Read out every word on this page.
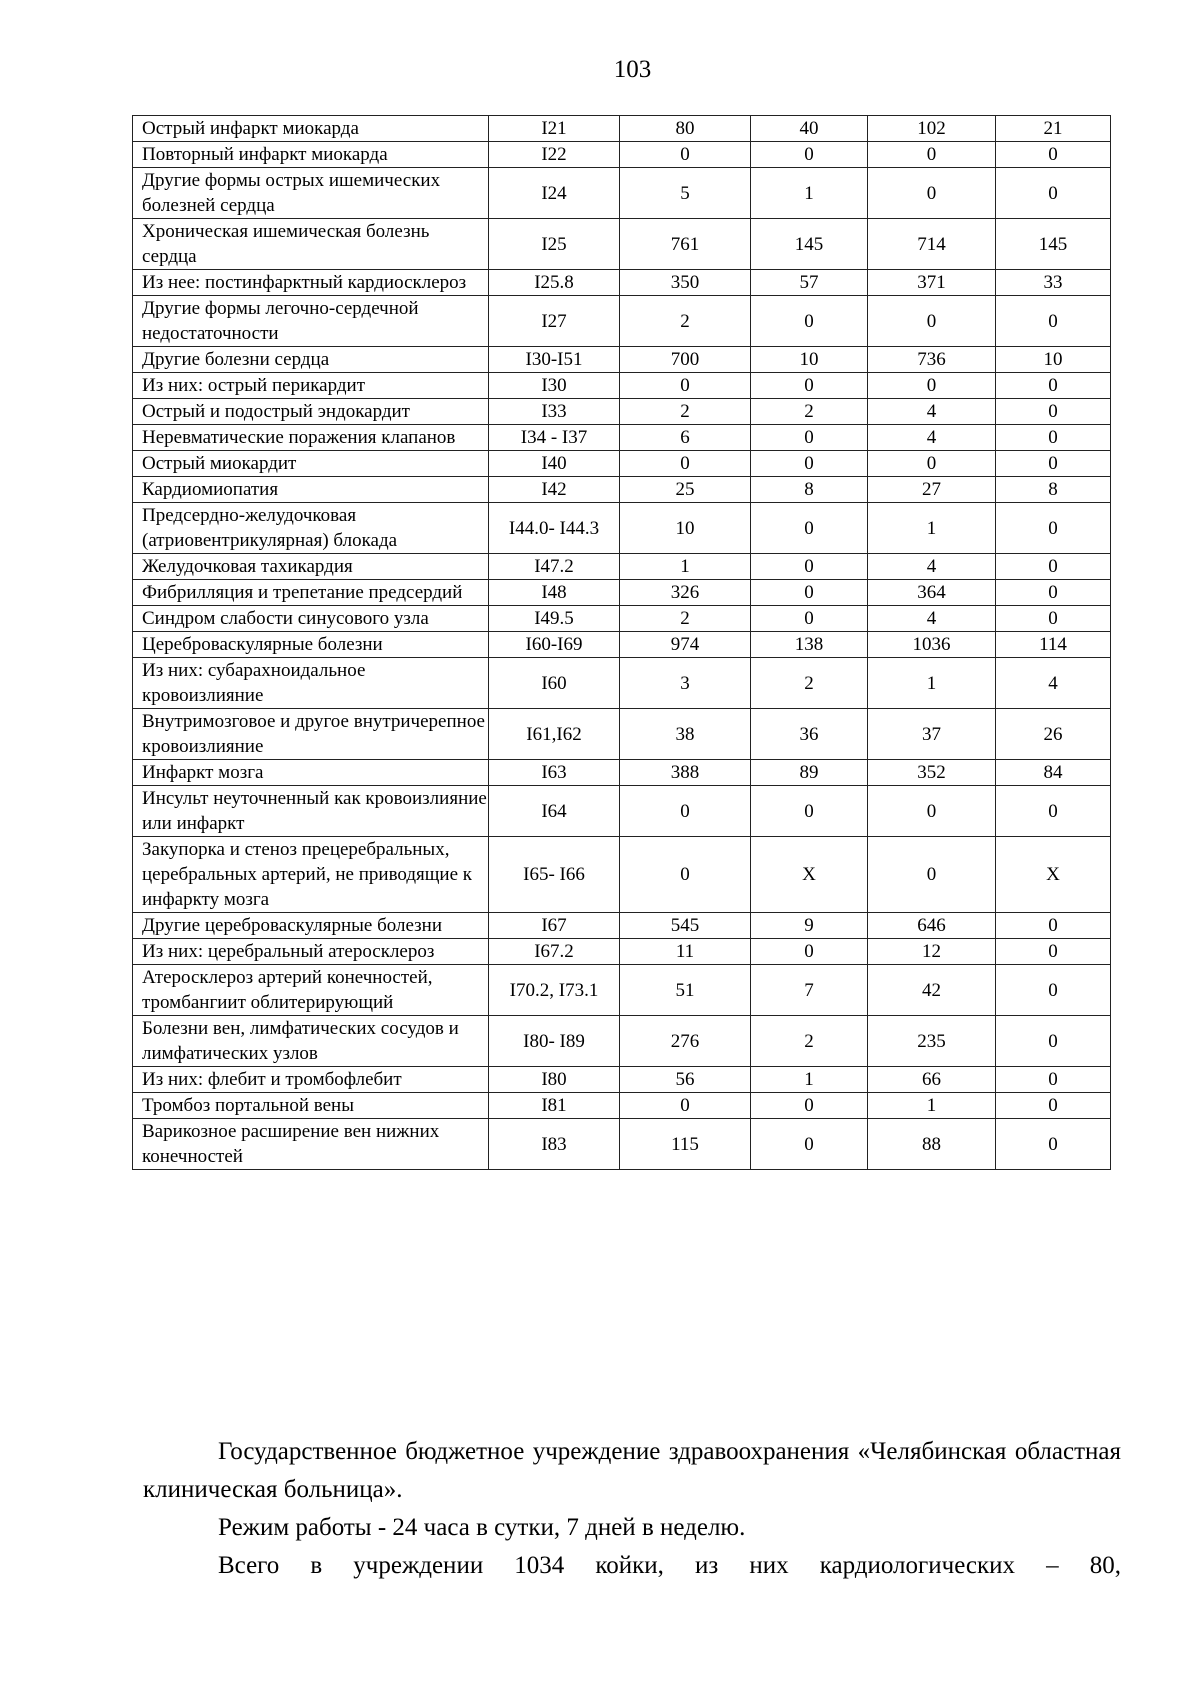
103
Острый инфаркт миокарда	I21	80	40	102	21
Повторный инфаркт миокарда	I22	0	0	0	0
Другие формы острых ишемических болезней сердца	I24	5	1	0	0
Хроническая ишемическая болезнь сердца	I25	761	145	714	145
Из нее: постинфарктный кардиосклероз	I25.8	350	57	371	33
Другие формы легочно-сердечной недостаточности	I27	2	0	0	0
Другие болезни сердца	I30-I51	700	10	736	10
Из них: острый перикардит	I30	0	0	0	0
Острый и подострый эндокардит	I33	2	2	4	0
Неревматические поражения клапанов	I34 - I37	6	0	4	0
Острый миокардит	I40	0	0	0	0
Кардиомиопатия	I42	25	8	27	8
Предсердно-желудочковая (атриовентрикулярная) блокада	I44.0- I44.3	10	0	1	0
Желудочковая тахикардия	I47.2	1	0	4	0
Фибрилляция и трепетание предсердий	I48	326	0	364	0
Синдром слабости синусового узла	I49.5	2	0	4	0
Цереброваскулярные болезни	I60-I69	974	138	1036	114
Из них: субарахноидальное кровоизлияние	I60	3	2	1	4
Внутримозговое и другое внутричерепное кровоизлияние	I61,I62	38	36	37	26
Инфаркт мозга	I63	388	89	352	84
Инсульт неуточненный как кровоизлияние или инфаркт	I64	0	0	0	0
Закупорка и стеноз прецеребральных, церебральных артерий, не приводящие к инфаркту мозга	I65- I66	0	X	0	X
Другие цереброваскулярные болезни	I67	545	9	646	0
Из них: церебральный атеросклероз	I67.2	11	0	12	0
Атеросклероз артерий конечностей, тромбангиит облитерирующий	I70.2, I73.1	51	7	42	0
Болезни вен, лимфатических сосудов и лимфатических узлов	I80- I89	276	2	235	0
Из них: флебит и тромбофлебит	I80	56	1	66	0
Тромбоз портальной вены	I81	0	0	1	0
Варикозное расширение вен нижних конечностей	I83	115	0	88	0

Государственное бюджетное учреждение здравоохранения «Челябинская областная клиническая больница».

Режим работы - 24 часа в сутки, 7 дней в неделю.

Всего в учреждении 1034 койки, из них кардиологических – 80,
